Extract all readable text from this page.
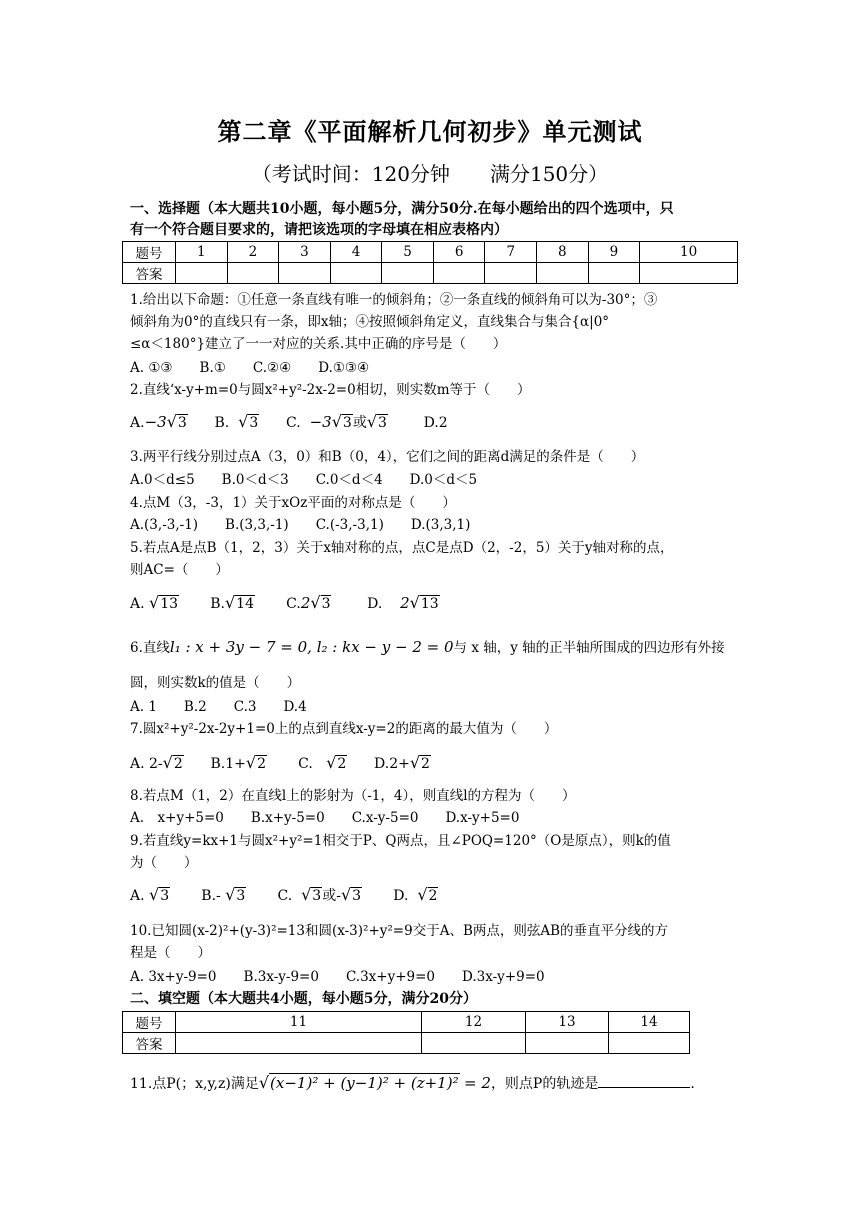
第二章《平面解析几何初步》单元测试
（考试时间：120分钟　　满分150分）
一、选择题（本大题共10小题，每小题5分，满分50分.在每小题给出的四个选项中，只
有一个符合题目要求的，请把该选项的字母填在相应表格内）
题号	1	2	3	4	5	6	7	8	9	10
答案										
1.给出以下命题：①任意一条直线有唯一的倾斜角；②一条直线的倾斜角可以为-30°；③
倾斜角为0°的直线只有一条，即x轴；④按照倾斜角定义，直线集合与集合{α|0°
≤α＜180°}建立了一一对应的关系.其中正确的序号是（　　）
A. ①③　　B.①　　C.②④　　D.①③④
2.直线‘x-y+m=0与圆x²+y²-2x-2=0相切，则实数m等于（　　）
A.−3√3 B. √3 C. −3√3或√3	D.2
3.两平行线分别过点A（3，0）和B（0，4），它们之间的距离d满足的条件是（　　）
A.0＜d≤5　　B.0＜d＜3　　C.0＜d＜4　　D.0＜d＜5
4.点M（3，-3，1）关于xOz平面的对称点是（　　）
A.(3,-3,-1)　　B.(3,3,-1)　　C.(-3,-3,1)　　D.(3,3,1)
5.若点A是点B（1，2，3）关于x轴对称的点，点C是点D（2，-2，5）关于y轴对称的点，
则AC=（　　）
A. √13 B.√14 C.2√3	D. 2√13
6.直线l₁ : x + 3y − 7 = 0, l₂ : kx − y − 2 = 0与 x 轴，y 轴的正半轴所围成的四边形有外接
圆，则实数k的值是（　　）
A. 1　　B.2　　C.3　　D.4
7.圆x²+y²-2x-2y+1=0上的点到直线x-y=2的距离的最大值为（　　）
A. 2-√2 B.1+√2 C. √2 D.2+√2
8.若点M（1，2）在直线l上的影射为（-1，4），则直线l的方程为（　　）
A.　x+y+5=0　　B.x+y-5=0　　C.x-y-5=0　　D.x-y+5=0
9.若直线y=kx+1与圆x²+y²=1相交于P、Q两点，且∠POQ=120°（O是原点），则k的值
为（　　）
A. √3 B.- √3 C. √3或-√3 D. √2
10.已知圆(x-2)²+(y-3)²=13和圆(x-3)²+y²=9交于A、B两点，则弦AB的垂直平分线的方
程是（　　）
A. 3x+y-9=0　　B.3x-y-9=0　　C.3x+y+9=0　　D.3x-y+9=0
二、填空题（本大题共4小题，每小题5分，满分20分）
题号	11	12	13	14
答案				
11.点P(；x,y,z)满足√(x−1)² + (y−1)² + (z+1)² = 2，则点P的轨迹是	.
